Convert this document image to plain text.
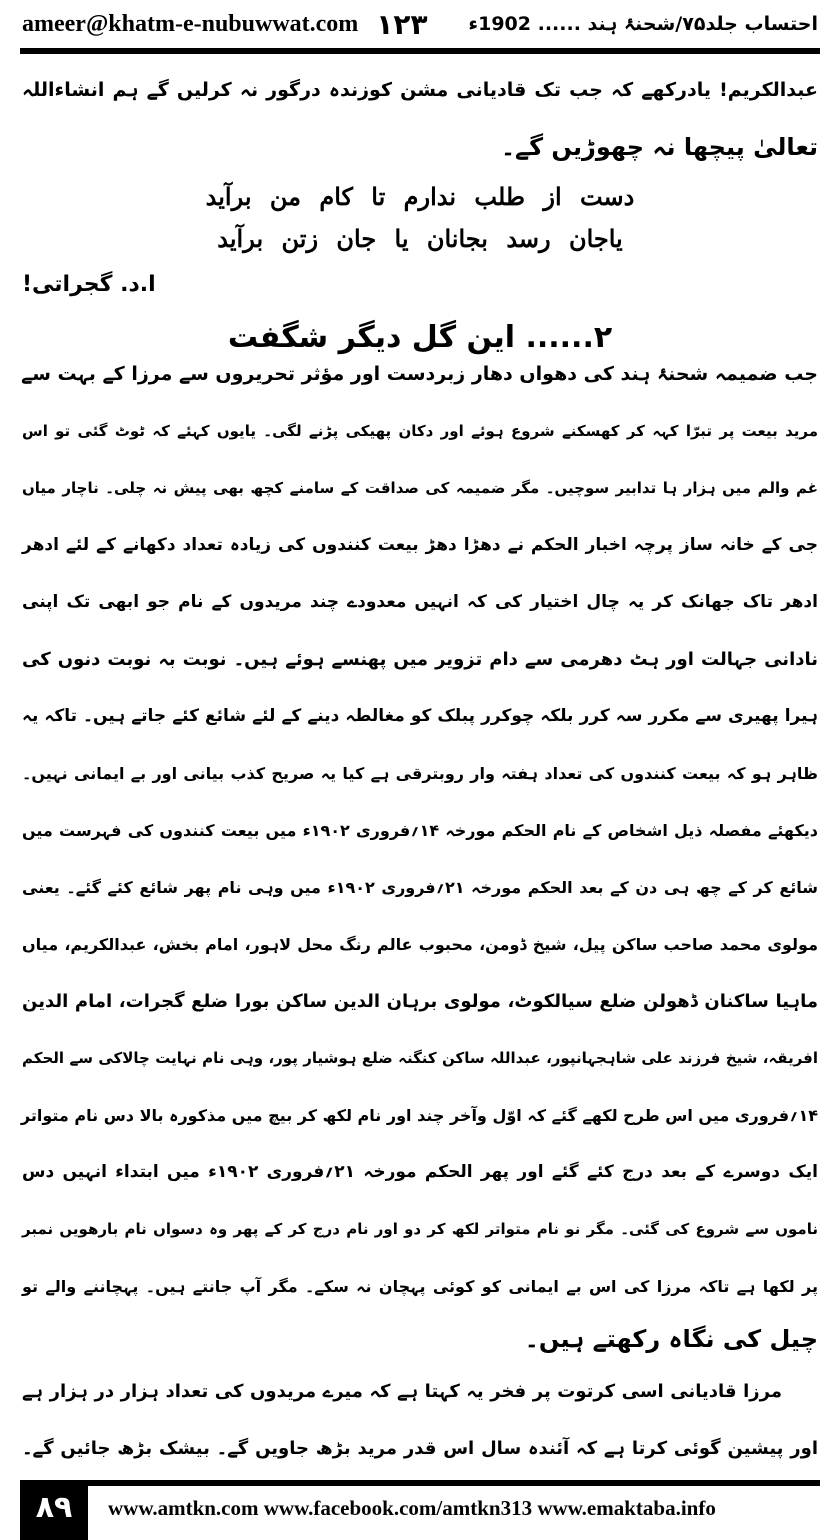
ameer@khatm-e-nubuwwat.com ۱۲۳ احتساب جلد۷۵/شحنۂ ہند ...... 1902ء
عبدالکریم! یادرکھے کہ جب تک قادیانی مشن کوزندہ درگور نہ کرلیں گے ہم انشاءاللہ
تعالیٰ پیچھا نہ چھوڑیں گے۔
دست از طلب ندارم تا کام من برآید
یاجان رسد بجانان یا جان زتن برآید
ا.د. گجراتی!
۲...... این گل دیگر شگفت
جب ضمیمہ شحنۂ ہند کی دھواں دھار زبردست اور مؤثر تحریروں سے مرزا کے بہت سے
مرید بیعت پر تبرّا کہہ کر کھسکنے شروع ہوئے اور دکان پھیکی پڑنے لگی۔ یایوں کہئے کہ ٹوٹ گئی تو اس
غم والم میں ہزار ہا تدابیر سوچیں۔ مگر ضمیمہ کی صداقت کے سامنے کچھ بھی پیش نہ چلی۔ ناچار میاں
جی کے خانہ ساز پرچہ اخبار الحکم نے دھڑا دھڑ بیعت کنندوں کی زیادہ تعداد دکھانے کے لئے ادھر
ادھر تاک جھانک کر یہ چال اختیار کی کہ انہیں معدودے چند مریدوں کے نام جو ابھی تک اپنی
نادانی جہالت اور ہٹ دھرمی سے دام تزویر میں پھنسے ہوئے ہیں۔ نوبت بہ نوبت دنوں کی
ہیرا پھیری سے مکرر سہ کرر بلکہ چوکرر پبلک کو مغالطہ دینے کے لئے شائع کئے جاتے ہیں۔ تاکہ یہ
ظاہر ہو کہ بیعت کنندوں کی تعداد ہفتہ وار روبترقی ہے کیا یہ صریح کذب بیانی اور بے ایمانی نہیں۔
دیکھئے مفصلہ ذیل اشخاص کے نام الحکم مورخہ ۱۴؍فروری ۱۹۰۲ء میں بیعت کنندوں کی فہرست میں
شائع کر کے چھ ہی دن کے بعد الحکم مورخہ ۲۱؍فروری ۱۹۰۲ء میں وہی نام پھر شائع کئے گئے۔ یعنی
مولوی محمد صاحب ساکن پیل، شیخ ڈومن، محبوب عالم رنگ محل لاہور، امام بخش، عبدالکریم، میاں
ماہیا ساکنان ڈھولن ضلع سیالکوٹ، مولوی برہان الدین ساکن بورا ضلع گجرات، امام الدین
افریقہ، شیخ فرزند علی شاہجہانپور، عبداللہ ساکن کنگنہ ضلع ہوشیار پور، وہی نام نہایت چالاکی سے الحکم
۱۴؍فروری میں اس طرح لکھے گئے کہ اوّل وآخر چند اور نام لکھ کر بیچ میں مذکورہ بالا دس نام متواتر
ایک دوسرے کے بعد درج کئے گئے اور پھر الحکم مورخہ ۲۱؍فروری ۱۹۰۲ء میں ابتداء انہیں دس
ناموں سے شروع کی گئی۔ مگر نو نام متواتر لکھ کر دو اور نام درج کر کے پھر وہ دسواں نام بارھویں نمبر
پر لکھا ہے تاکہ مرزا کی اس بے ایمانی کو کوئی پہچان نہ سکے۔ مگر آپ جانتے ہیں۔ پہچاننے والے تو
چیل کی نگاہ رکھتے ہیں۔
مرزا قادیانی اسی کرتوت پر فخر یہ کہتا ہے کہ میرے مریدوں کی تعداد ہزار در ہزار ہے
اور پیشین گوئی کرتا ہے کہ آئندہ سال اس قدر مرید بڑھ جاویں گے۔ بیشک بڑھ جائیں گے۔
۸۹	www.amtkn.com www.facebook.com/amtkn313 www.emaktaba.info
